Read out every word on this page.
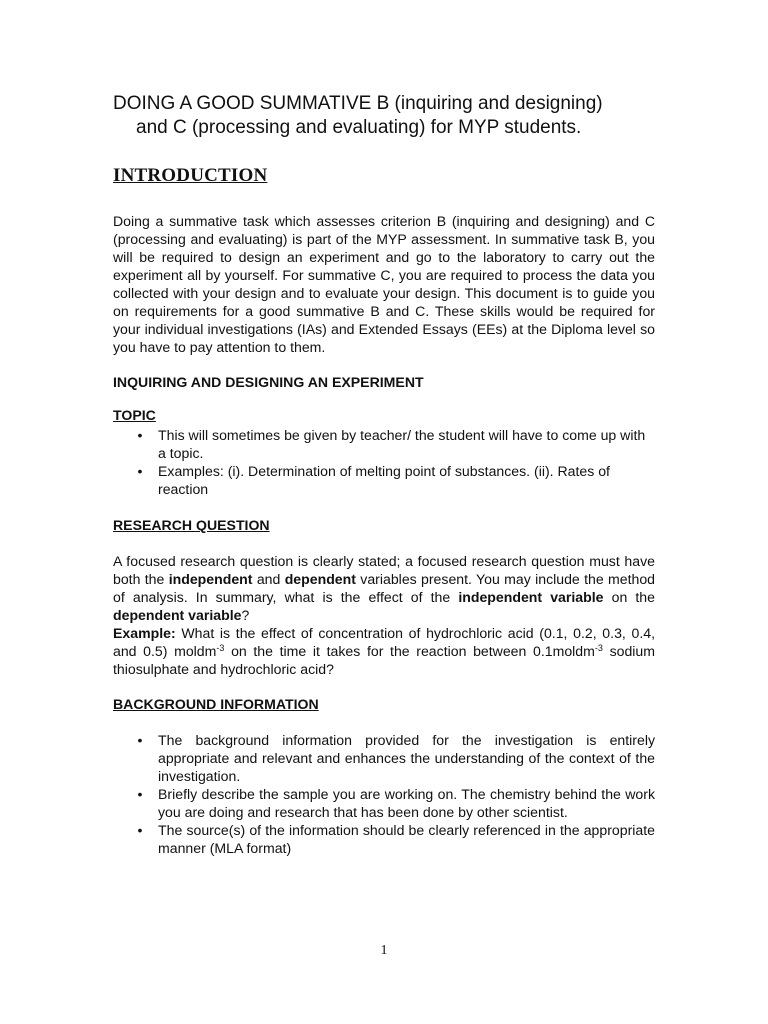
DOING A GOOD SUMMATIVE B (inquiring and designing)
and C (processing and evaluating) for MYP students.
INTRODUCTION

Doing a summative task which assesses criterion B (inquiring and designing) and C (processing and evaluating) is part of the MYP assessment. In summative task B, you will be required to design an experiment and go to the laboratory to carry out the experiment all by yourself. For summative C, you are required to process the data you collected with your design and to evaluate your design. This document is to guide you on requirements for a good summative B and C. These skills would be required for your individual investigations (IAs) and Extended Essays (EEs) at the Diploma level so you have to pay attention to them.

INQUIRING AND DESIGNING AN EXPERIMENT

TOPIC

• This will sometimes be given by teacher/ the student will have to come up with a topic.
• Examples: (i). Determination of melting point of substances. (ii). Rates of reaction

RESEARCH QUESTION

A focused research question is clearly stated; a focused research question must have both the independent and dependent variables present. You may include the method of analysis. In summary, what is the effect of the independent variable on the dependent variable?

Example: What is the effect of concentration of hydrochloric acid (0.1, 0.2, 0.3, 0.4, and 0.5) moldm$^{-3}$ on the time it takes for the reaction between 0.1moldm$^{-3}$ sodium thiosulphate and hydrochloric acid?

BACKGROUND INFORMATION

• The background information provided for the investigation is entirely appropriate and relevant and enhances the understanding of the context of the investigation.
• Briefly describe the sample you are working on. The chemistry behind the work you are doing and research that has been done by other scientist.
• The source(s) of the information should be clearly referenced in the appropriate manner (MLA format)
1
